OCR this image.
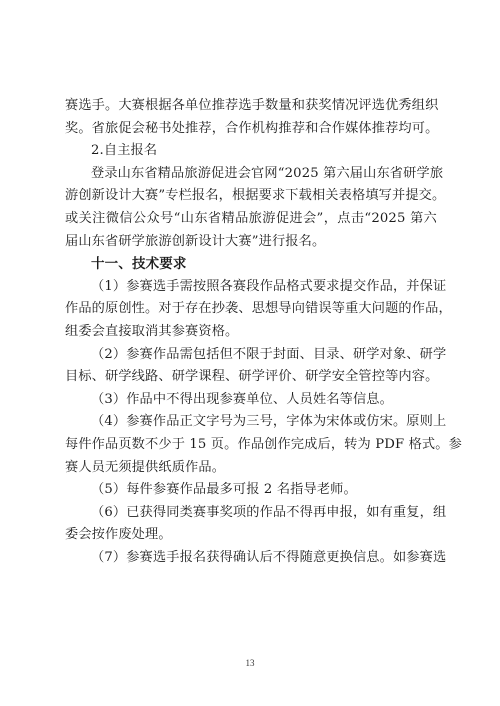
赛选手。大赛根据各单位推荐选手数量和获奖情况评选优秀组织
奖。省旅促会秘书处推荐，合作机构推荐和合作媒体推荐均可。
2.自主报名
登录山东省精品旅游促进会官网“2025 第六届山东省研学旅
游创新设计大赛”专栏报名，根据要求下载相关表格填写并提交。
或关注微信公众号“山东省精品旅游促进会”，点击“2025 第六
届山东省研学旅游创新设计大赛”进行报名。
十一、技术要求
（1）参赛选手需按照各赛段作品格式要求提交作品，并保证
作品的原创性。对于存在抄袭、思想导向错误等重大问题的作品，
组委会直接取消其参赛资格。
（2）参赛作品需包括但不限于封面、目录、研学对象、研学
目标、研学线路、研学课程、研学评价、研学安全管控等内容。
（3）作品中不得出现参赛单位、人员姓名等信息。
（4）参赛作品正文字号为三号，字体为宋体或仿宋。原则上
每件作品页数不少于 15 页。作品创作完成后，转为 PDF 格式。参
赛人员无须提供纸质作品。
（5）每件参赛作品最多可报 2 名指导老师。
（6）已获得同类赛事奖项的作品不得再申报，如有重复，组
委会按作废处理。
（7）参赛选手报名获得确认后不得随意更换信息。如参赛选
13
